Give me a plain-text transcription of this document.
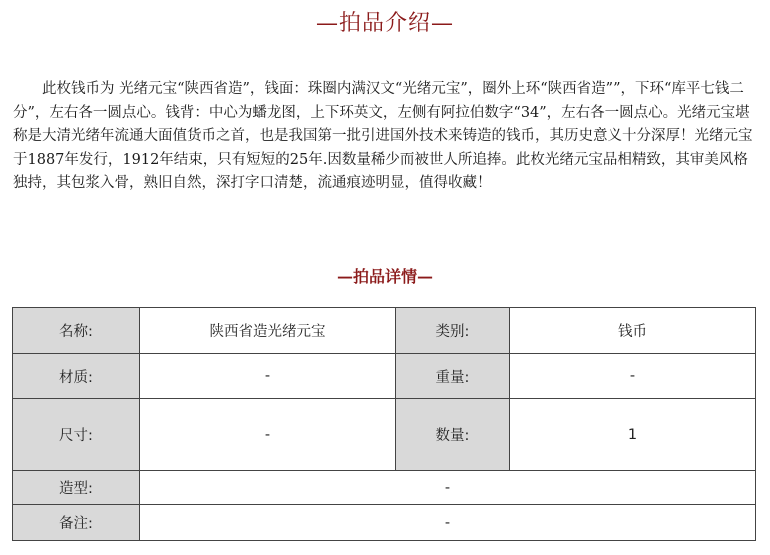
—拍品介绍—

此枚钱币为 光绪元宝“陕西省造”，钱面：珠圈内满汉文“光绪元宝”，圈外上环“陕西省造””，下环“库平七钱二分”，左右各一圆点心。钱背：中心为蟠龙图，上下环英文，左侧有阿拉伯数字“34”，左右各一圆点心。光绪元宝堪称是大清光绪年流通大面值货币之首，也是我国第一批引进国外技术来铸造的钱币，其历史意义十分深厚！光绪元宝于1887年发行，1912年结束，只有短短的25年.因数量稀少而被世人所追捧。此枚光绪元宝品相精致，其审美风格独持，其包浆入骨，熟旧自然，深打字口清楚，流通痕迹明显，值得收藏！

—拍品详情—
名称:	陕西省造光绪元宝	类别:	钱币
材质:	-	重量:	-
尺寸:	-	数量:	1
造型:	-		
备注:	-		
